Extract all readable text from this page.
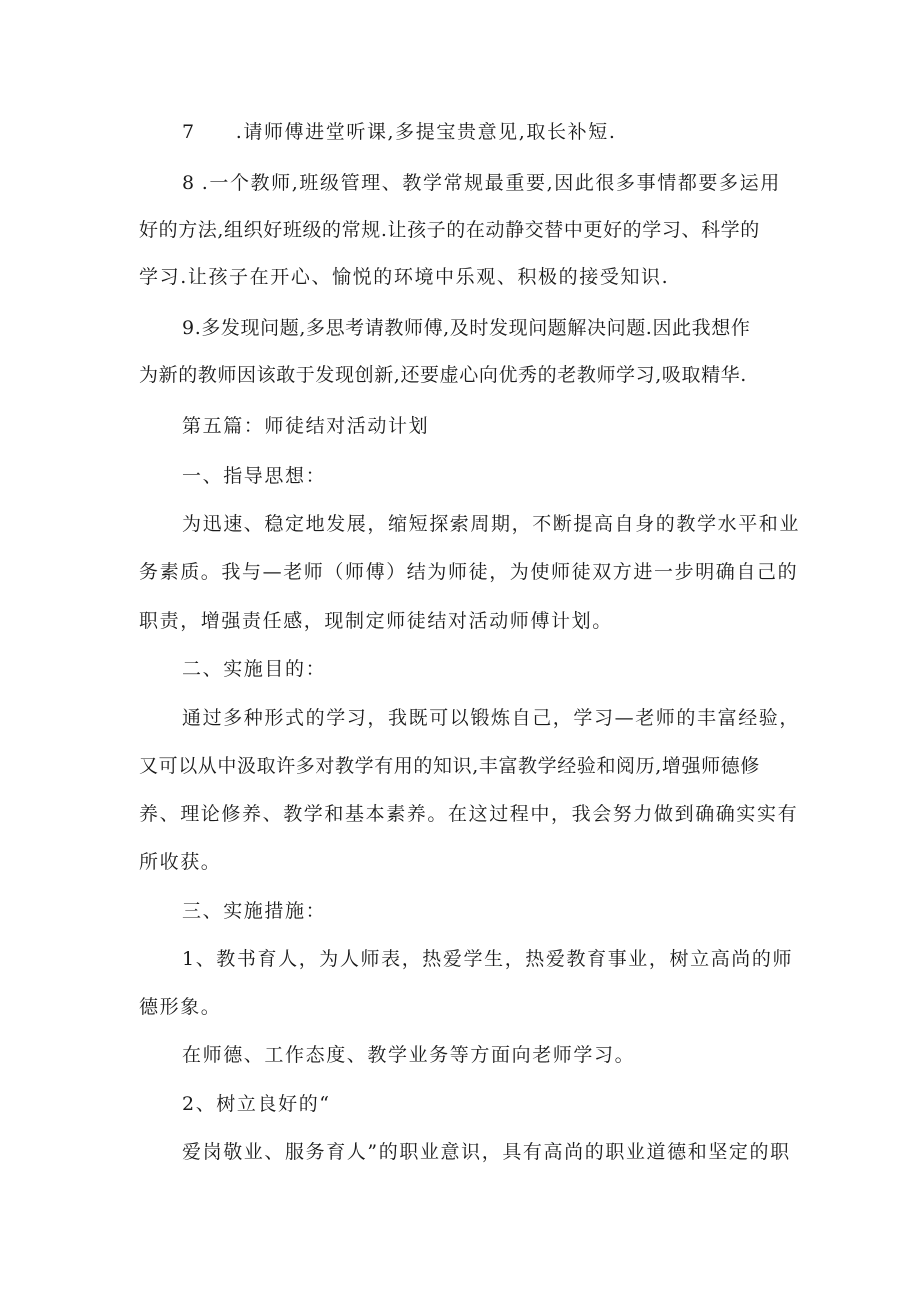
7 .请师傅进堂听课,多提宝贵意见,取长补短.
8 .一个教师,班级管理、教学常规最重要,因此很多事情都要多运用
好的方法,组织好班级的常规.让孩子的在动静交替中更好的学习、科学的
学习.让孩子在开心、愉悦的环境中乐观、积极的接受知识.
9.多发现问题,多思考请教师傅,及时发现问题解决问题.因此我想作
为新的教师因该敢于发现创新,还要虚心向优秀的老教师学习,吸取精华.
第五篇：师徒结对活动计划
一、指导思想：
为迅速、稳定地发展，缩短探索周期，不断提高自身的教学水平和业
务素质。我与—老师（师傅）结为师徒，为使师徒双方进一步明确自己的
职责，增强责任感，现制定师徒结对活动师傅计划。
二、实施目的：
通过多种形式的学习，我既可以锻炼自己，学习—老师的丰富经验，
又可以从中汲取许多对教学有用的知识,丰富教学经验和阅历,增强师德修
养、理论修养、教学和基本素养。在这过程中，我会努力做到确确实实有
所收获。
三、实施措施：
1、教书育人，为人师表，热爱学生，热爱教育事业，树立高尚的师
德形象。
在师德、工作态度、教学业务等方面向老师学习。
2、树立良好的“
爱岗敬业、服务育人”的职业意识，具有高尚的职业道德和坚定的职
